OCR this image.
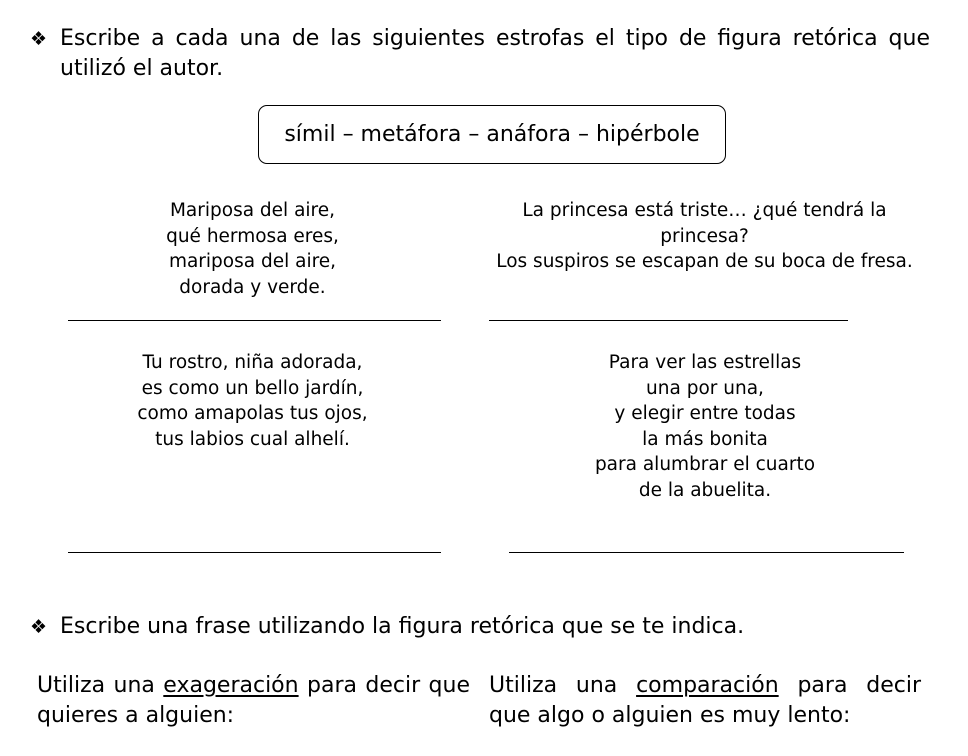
❖ Escribe a cada una de las siguientes estrofas el tipo de figura retórica que utilizó el autor.
símil – metáfora – anáfora – hipérbole
Mariposa del aire,
qué hermosa eres,
mariposa del aire,
dorada y verde.
La princesa está triste… ¿qué tendrá la
princesa?
Los suspiros se escapan de su boca de fresa.
Tu rostro, niña adorada,
es como un bello jardín,
como amapolas tus ojos,
tus labios cual alhelí.
Para ver las estrellas
una por una,
y elegir entre todas
la más bonita
para alumbrar el cuarto
de la abuelita.
❖ Escribe una frase utilizando la figura retórica que se te indica.
Utiliza una exageración para decir que quieres a alguien:
Utiliza una comparación para decir que algo o alguien es muy lento:
